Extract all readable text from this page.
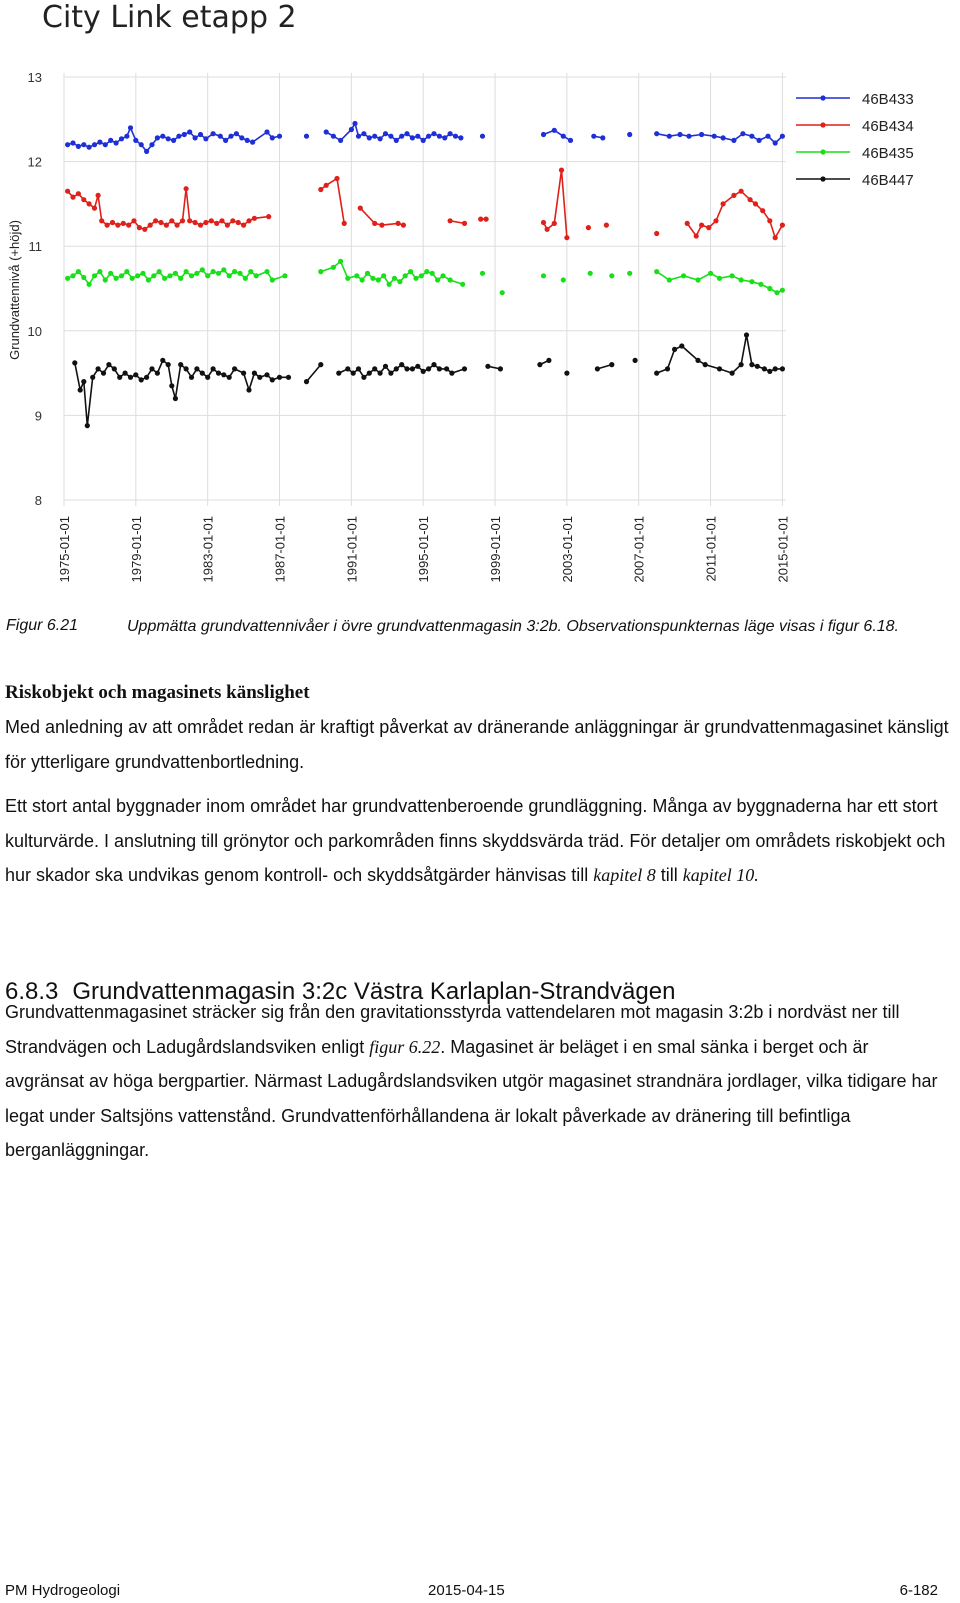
City Link etapp 2
8
9
10
11
12
13
1975-01-01	1979-01-01	1983-01-01	1987-01-01	1991-01-01	1995-01-01	1999-01-01	2003-01-01	2007-01-01	2011-01-01	2015-01-01
46B433
46B434
46B435
46B447
Grundvattennivå (+höjd)
Figur 6.21	Uppmätta grundvattennivåer i övre grundvattenmagasin 3:2b. Observationspunkternas läge visas i figur 6.18.
Riskobjekt och magasinets känslighet
Med anledning av att området redan är kraftigt påverkat av dränerande anläggningar är grundvattenmagasinet känsligt för ytterligare grundvattenbortledning.
Ett stort antal byggnader inom området har grundvattenberoende grundläggning. Många av byggnaderna har ett stort kulturvärde. I anslutning till grönytor och parkområden finns skyddsvärda träd. För detaljer om områdets riskobjekt och hur skador ska undvikas genom kontroll- och skyddsåtgärder hänvisas till kapitel 8 till kapitel 10.
6.8.3 Grundvattenmagasin 3:2c Västra Karlaplan-Strandvägen
Grundvattenmagasinet sträcker sig från den gravitationsstyrda vattendelaren mot magasin 3:2b i nordväst ner till Strandvägen och Ladugårdslandsviken enligt figur 6.22. Magasinet är beläget i en smal sänka i berget och är avgränsat av höga bergpartier. Närmast Ladugårdslandsviken utgör magasinet strandnära jordlager, vilka tidigare har legat under Saltsjöns vattenstånd. Grundvattenförhållandena är lokalt påverkade av dränering till befintliga berganläggningar.
PM Hydrogeologi	2015-04-15	6-182
